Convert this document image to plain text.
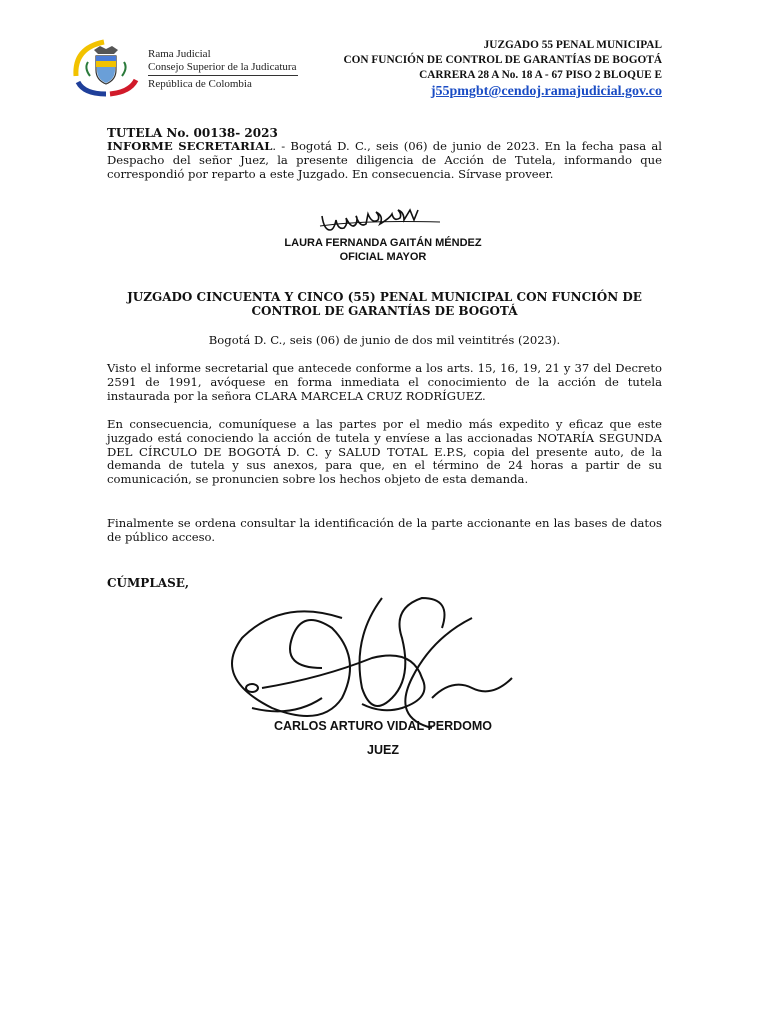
Rama Judicial
Consejo Superior de la Judicatura
República de Colombia
JUZGADO 55 PENAL MUNICIPAL
CON FUNCIÓN DE CONTROL DE GARANTÍAS DE BOGOTÁ
CARRERA 28 A No. 18 A - 67 PISO 2 BLOQUE E
j55pmgbt@cendoj.ramajudicial.gov.co
TUTELA No. 00138- 2023
INFORME SECRETARIAL. - Bogotá D. C., seis (06) de junio de 2023. En la fecha pasa al Despacho del señor Juez, la presente diligencia de Acción de Tutela, informando que correspondió por reparto a este Juzgado. En consecuencia. Sírvase proveer.
LAURA FERNANDA GAITÁN MÉNDEZ
OFICIAL MAYOR
JUZGADO CINCUENTA Y CINCO (55) PENAL MUNICIPAL CON FUNCIÓN DE CONTROL DE GARANTÍAS DE BOGOTÁ
Bogotá D. C., seis (06) de junio de dos mil veintitrés (2023).
Visto el informe secretarial que antecede conforme a los arts. 15, 16, 19, 21 y 37 del Decreto 2591 de 1991, avóquese en forma inmediata el conocimiento de la acción de tutela instaurada por la señora CLARA MARCELA CRUZ RODRÍGUEZ.
En consecuencia, comuníquese a las partes por el medio más expedito y eficaz que este juzgado está conociendo la acción de tutela y envíese a las accionadas NOTARÍA SEGUNDA DEL CÍRCULO DE BOGOTÁ D. C. y SALUD TOTAL E.P.S, copia del presente auto, de la demanda de tutela y sus anexos, para que, en el término de 24 horas a partir de su comunicación, se pronuncien sobre los hechos objeto de esta demanda.
Finalmente se ordena consultar la identificación de la parte accionante en las bases de datos de público acceso.
CÚMPLASE,
CARLOS ARTURO VIDAL PERDOMO
JUEZ
